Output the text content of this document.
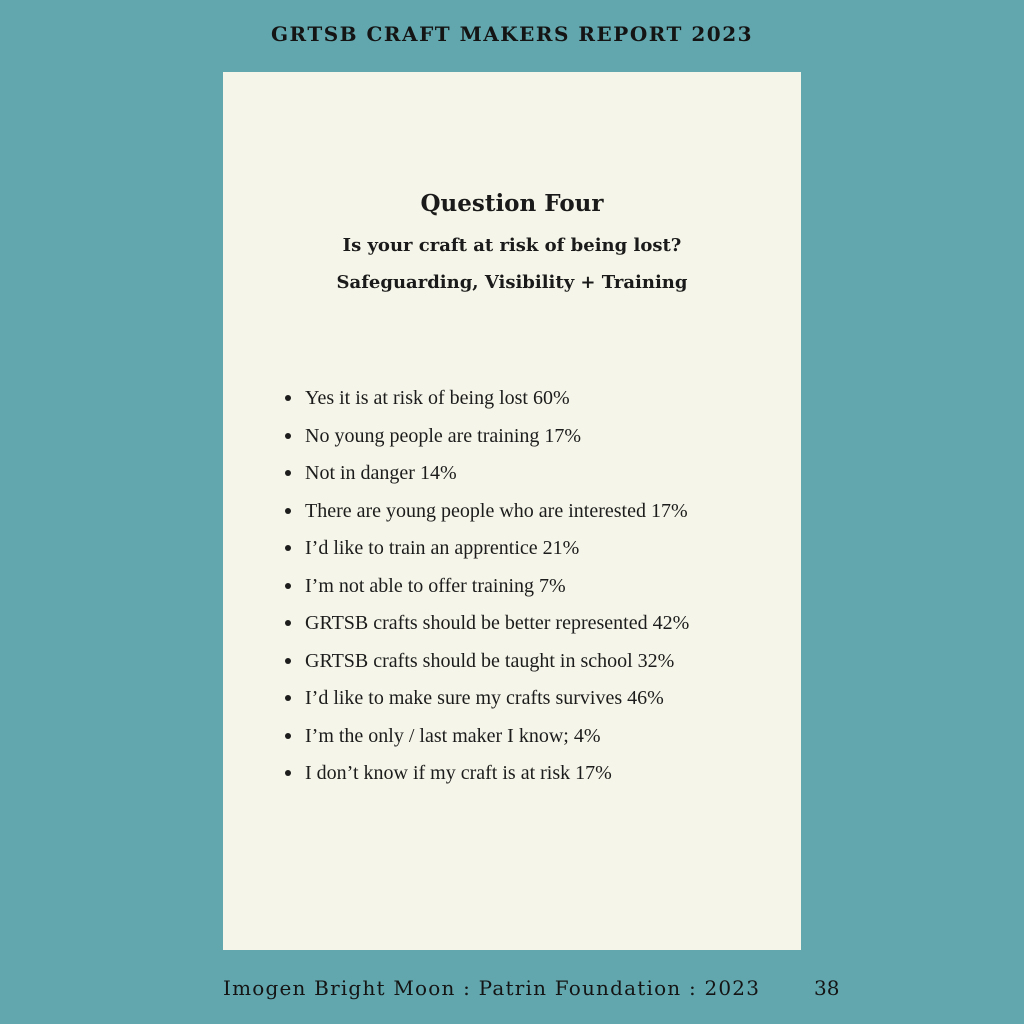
GRTSB CRAFT MAKERS REPORT 2023
Question Four
Is your craft at risk of being lost?
Safeguarding, Visibility + Training
Yes it is at risk of being lost 60%
No young people are training 17%
Not in danger 14%
There are young people who are interested 17%
I’d like to train an apprentice 21%
I’m not able to offer training 7%
GRTSB crafts should be better represented 42%
GRTSB crafts should be taught in school 32%
I’d like to make sure my crafts survives 46%
I’m the only / last maker I know; 4%
I don’t know if my craft is at risk 17%
Imogen Bright Moon : Patrin Foundation : 2023	38
